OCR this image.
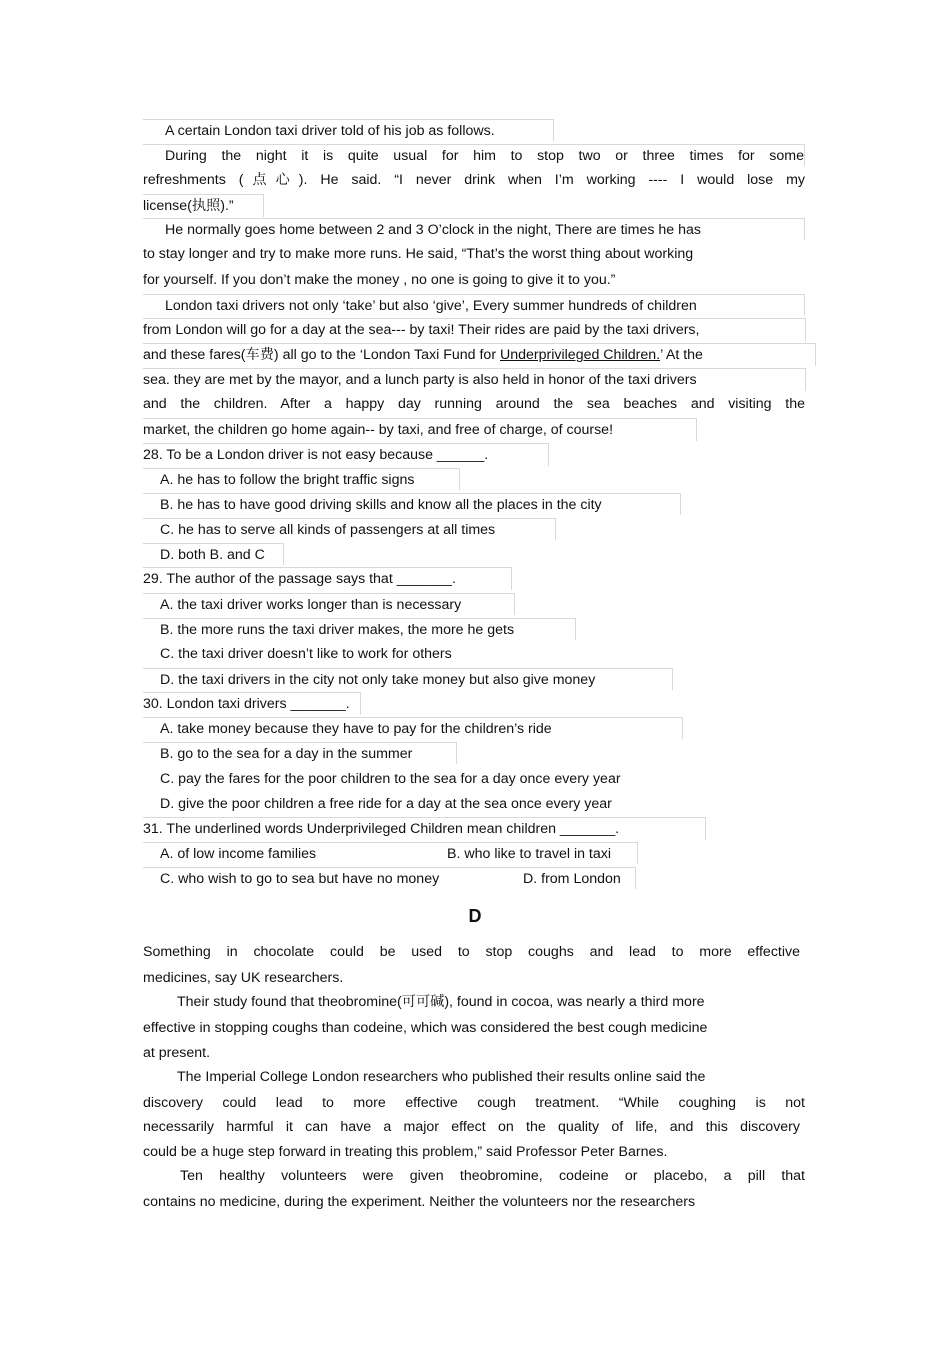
A certain London taxi driver told of his job as follows.
During the night it is quite usual for him to stop two or three times for some
refreshments (点心). He said. “I never drink when I’m working ---- I would lose my
license(执照).”
He normally goes home between 2 and 3 O’clock in the night, There are times he has
to stay longer and try to make more runs. He said, “That’s the worst thing about working
for yourself. If you don’t make the money , no one is going to give it to you.”
London taxi drivers not only ‘take’ but also ‘give’, Every summer hundreds of children
from London will go for a day at the sea--- by taxi! Their rides are paid by the taxi drivers,
and these fares(车费) all go to the ‘London Taxi Fund for Underprivileged Children.’ At the
sea. they are met by the mayor, and a lunch party is also held in honor of the taxi drivers
and the children. After a happy day running around the sea beaches and visiting the
market, the children go home again-- by taxi, and free of charge, of course!
28. To be a London driver is not easy because ______.
A. he has to follow the bright traffic signs
B. he has to have good driving skills and know all the places in the city
C. he has to serve all kinds of passengers at all times
D. both B. and C
29. The author of the passage says that _______.
A. the taxi driver works longer than is necessary
B. the more runs the taxi driver makes, the more he gets
C. the taxi driver doesn’t like to work for others
D. the taxi drivers in the city not only take money but also give money
30. London taxi drivers _______.
A. take money because they have to pay for the children’s ride
B. go to the sea for a day in the summer
C. pay the fares for the poor children to the sea for a day once every year
D. give the poor children a free ride for a day at the sea once every year
31. The underlined words Underprivileged Children mean children _______.
A. of low income families	B. who like to travel in taxi
C. who wish to go to sea but have no money	D. from London
D
Something in chocolate could be used to stop coughs and lead to more effective
medicines, say UK researchers.
Their study found that theobromine(可可碱), found in cocoa, was nearly a third more
effective in stopping coughs than codeine, which was considered the best cough medicine
at present.
The Imperial College London researchers who published their results online said the
discovery could lead to more effective cough treatment. “While coughing is not
necessarily harmful it can have a major effect on the quality of life, and this discovery
could be a huge step forward in treating this problem,” said Professor Peter Barnes.
Ten healthy volunteers were given theobromine, codeine or placebo, a pill that
contains no medicine, during the experiment. Neither the volunteers nor the researchers
